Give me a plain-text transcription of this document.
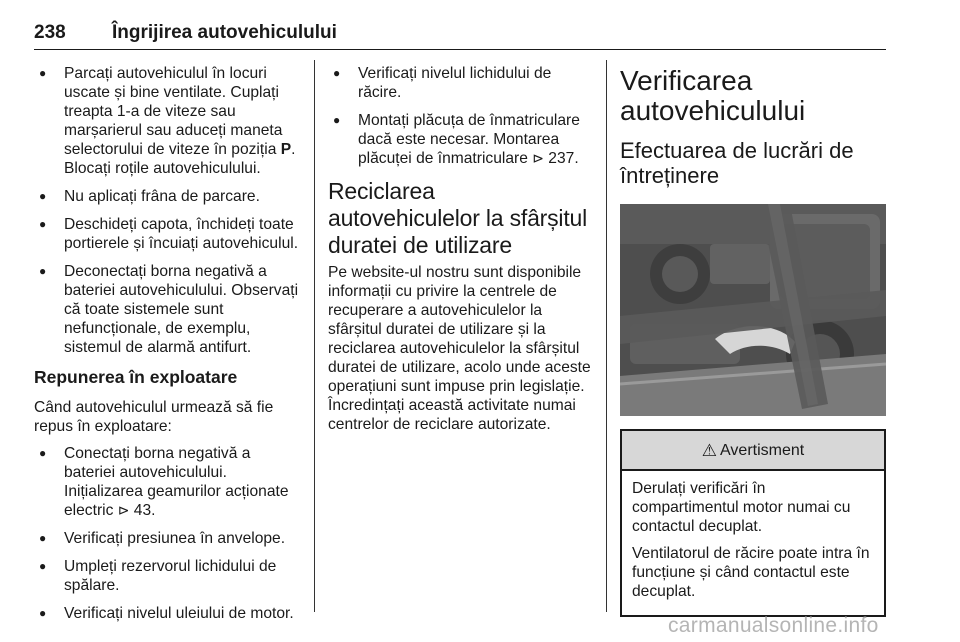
238 Îngrijirea autovehiculului
● Parcați autovehiculul în locuri uscate și bine ventilate. Cuplați treapta 1-a de viteze sau marșarierul sau aduceți maneta selectorului de viteze în poziția P. Blocați roțile autovehiculului.
● Nu aplicați frâna de parcare.
● Deschideți capota, închideți toate portierele și încuiați autovehiculul.
● Deconectați borna negativă a bateriei autovehiculului. Observați că toate sistemele sunt nefuncționale, de exemplu, sistemul de alarmă antifurt.
Repunerea în exploatare

Când autovehiculul urmează să fie repus în exploatare:

● Conectați borna negativă a bateriei autovehiculului. Inițializarea geamurilor acționate electric ⊳ 43.
● Verificați presiunea în anvelope.
● Umpleți rezervorul lichidului de spălare.
● Verificați nivelul uleiului de motor.
● Verificați nivelul lichidului de răcire.
● Montați plăcuța de înmatriculare dacă este necesar. Montarea plăcuței de înmatriculare ⊳ 237.
Reciclarea autovehiculelor la sfârșitul duratei de utilizare

Pe website-ul nostru sunt disponibile informații cu privire la centrele de recuperare a autovehiculelor la sfârșitul duratei de utilizare și la reciclarea autovehiculelor la sfârșitul duratei de utilizare, acolo unde aceste operațiuni sunt impuse prin legislație. Încredințați această activitate numai centrelor de reciclare autorizate.

Verificarea autovehiculului
Efectuarea de lucrări de întreținere
⚠ Avertisment

Derulați verificări în compartimentul motor numai cu contactul decuplat.

Ventilatorul de răcire poate intra în funcțiune și când contactul este decuplat.

carmanualsonline.info
